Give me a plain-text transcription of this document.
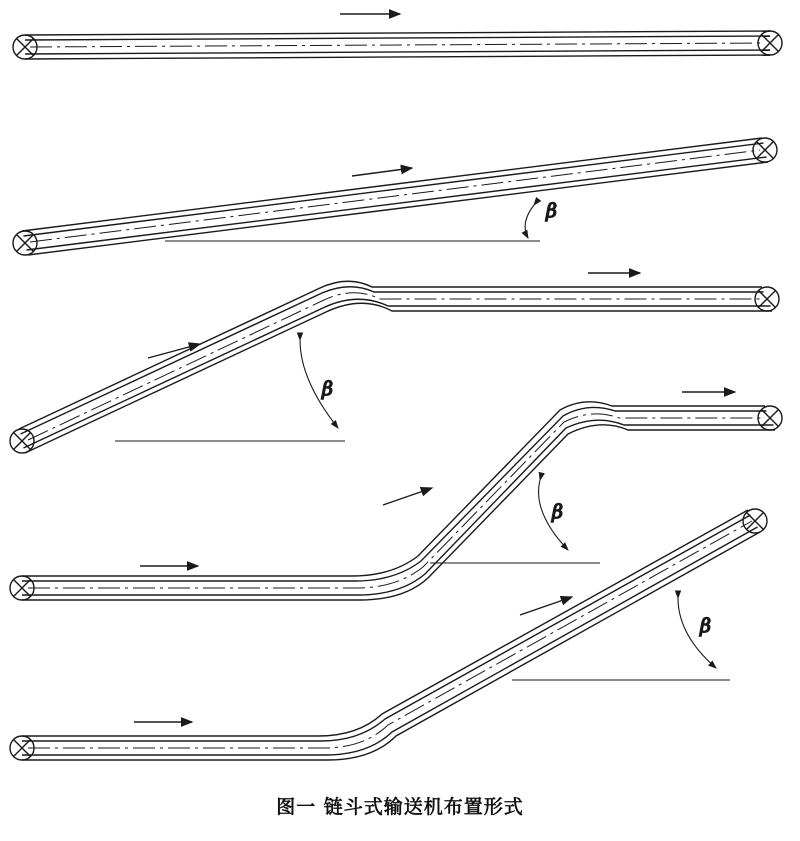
β
β
β
β
图一 链斗式输送机布置形式
